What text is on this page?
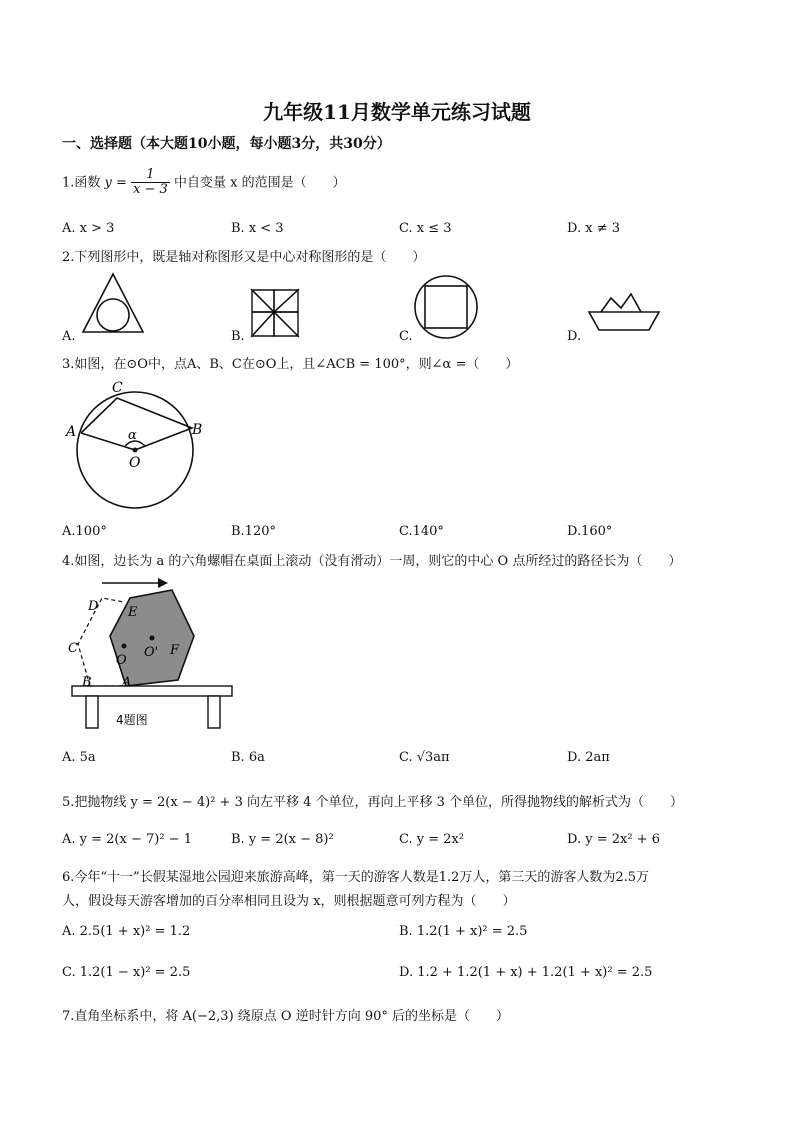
九年级11月数学单元练习试题
一、选择题（本大题10小题，每小题3分，共30分）
1.函数 $y = \frac{1}{x - 3}$ 中自变量 x 的范围是（　　）
A. x > 3	B. x < 3	C. x ≤ 3	D. x ≠ 3
2.下列图形中，既是轴对称图形又是中心对称图形的是（　　）
A.	B.	C.	D.
3.如图，在⊙O中，点A、B、C在⊙O上，且∠ACB = 100°，则∠α =（　　）
C
A	B
O
α
A.100°	B.120°	C.140°	D.160°
4.如图，边长为 a 的六角螺帽在桌面上滚动（没有滑动）一周，则它的中心 O 点所经过的路径长为（　　）
D E
C
O
O' F
B A
4题图
A. 5a	B. 6a	C. √3aπ	D. 2aπ
5.把抛物线 y = 2(x − 4)² + 3 向左平移 4 个单位，再向上平移 3 个单位，所得抛物线的解析式为（　　）
A. y = 2(x − 7)² − 1	B. y = 2(x − 8)²	C. y = 2x²	D. y = 2x² + 6
6.今年“十一”长假某湿地公园迎来旅游高峰，第一天的游客人数是1.2万人，第三天的游客人数为2.5万
人，假设每天游客增加的百分率相同且设为 x，则根据题意可列方程为（　　）
A. 2.5(1 + x)² = 1.2	B. 1.2(1 + x)² = 2.5
C. 1.2(1 − x)² = 2.5	D. 1.2 + 1.2(1 + x) + 1.2(1 + x)² = 2.5
7.直角坐标系中，将 A(−2,3) 绕原点 O 逆时针方向 90° 后的坐标是（　　）
